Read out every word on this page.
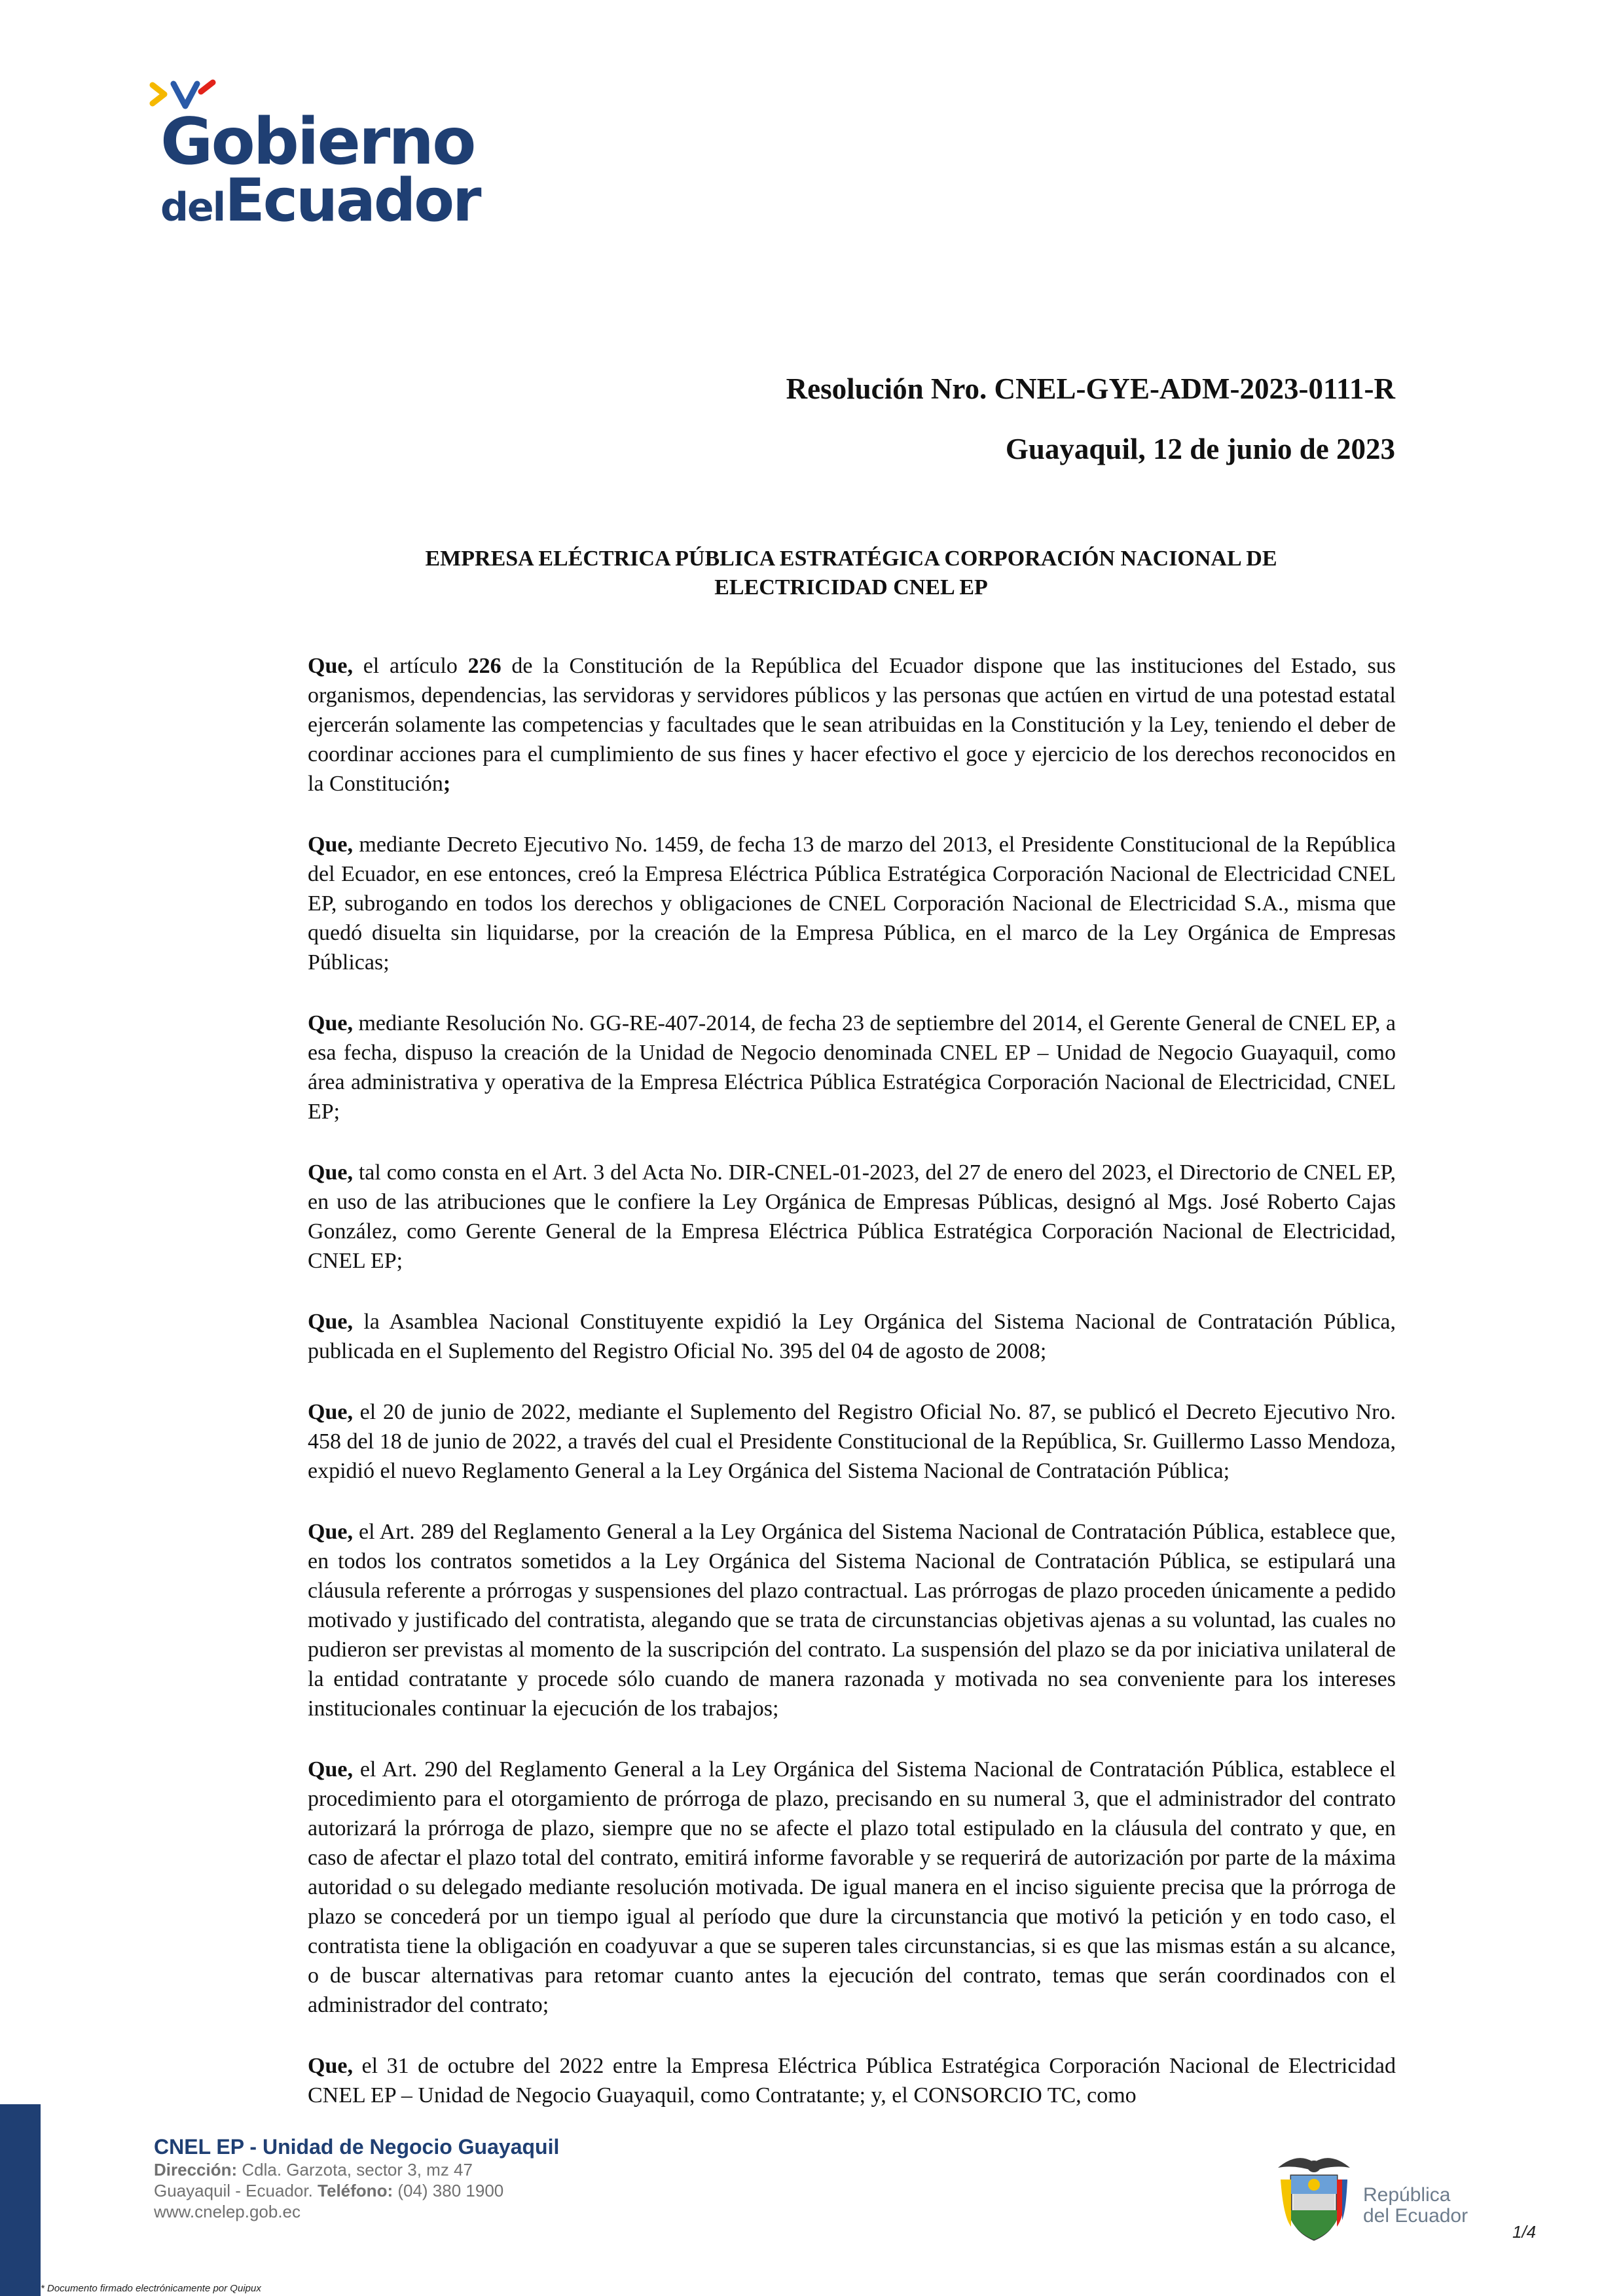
Gobierno
delEcuador
Resolución Nro. CNEL-GYE-ADM-2023-0111-R
Guayaquil, 12 de junio de 2023
EMPRESA ELÉCTRICA PÚBLICA ESTRATÉGICA CORPORACIÓN NACIONAL DE
ELECTRICIDAD CNEL EP

Que, el artículo 226 de la Constitución de la República del Ecuador dispone que las instituciones del Estado, sus organismos, dependencias, las servidoras y servidores públicos y las personas que actúen en virtud de una potestad estatal ejercerán solamente las competencias y facultades que le sean atribuidas en la Constitución y la Ley, teniendo el deber de coordinar acciones para el cumplimiento de sus fines y hacer efectivo el goce y ejercicio de los derechos reconocidos en la Constitución;

Que, mediante Decreto Ejecutivo No. 1459, de fecha 13 de marzo del 2013, el Presidente Constitucional de la República del Ecuador, en ese entonces, creó la Empresa Eléctrica Pública Estratégica Corporación Nacional de Electricidad CNEL EP, subrogando en todos los derechos y obligaciones de CNEL Corporación Nacional de Electricidad S.A., misma que quedó disuelta sin liquidarse, por la creación de la Empresa Pública, en el marco de la Ley Orgánica de Empresas Públicas;

Que, mediante Resolución No. GG-RE-407-2014, de fecha 23 de septiembre del 2014, el Gerente General de CNEL EP, a esa fecha, dispuso la creación de la Unidad de Negocio denominada CNEL EP – Unidad de Negocio Guayaquil, como área administrativa y operativa de la Empresa Eléctrica Pública Estratégica Corporación Nacional de Electricidad, CNEL EP;

Que, tal como consta en el Art. 3 del Acta No. DIR-CNEL-01-2023, del 27 de enero del 2023, el Directorio de CNEL EP, en uso de las atribuciones que le confiere la Ley Orgánica de Empresas Públicas, designó al Mgs. José Roberto Cajas González, como Gerente General de la Empresa Eléctrica Pública Estratégica Corporación Nacional de Electricidad, CNEL EP;

Que, la Asamblea Nacional Constituyente expidió la Ley Orgánica del Sistema Nacional de Contratación Pública, publicada en el Suplemento del Registro Oficial No. 395 del 04 de agosto de 2008;

Que, el 20 de junio de 2022, mediante el Suplemento del Registro Oficial No. 87, se publicó el Decreto Ejecutivo Nro. 458 del 18 de junio de 2022, a través del cual el Presidente Constitucional de la República, Sr. Guillermo Lasso Mendoza, expidió el nuevo Reglamento General a la Ley Orgánica del Sistema Nacional de Contratación Pública;

Que, el Art. 289 del Reglamento General a la Ley Orgánica del Sistema Nacional de Contratación Pública, establece que, en todos los contratos sometidos a la Ley Orgánica del Sistema Nacional de Contratación Pública, se estipulará una cláusula referente a prórrogas y suspensiones del plazo contractual. Las prórrogas de plazo proceden únicamente a pedido motivado y justificado del contratista, alegando que se trata de circunstancias objetivas ajenas a su voluntad, las cuales no pudieron ser previstas al momento de la suscripción del contrato. La suspensión del plazo se da por iniciativa unilateral de la entidad contratante y procede sólo cuando de manera razonada y motivada no sea conveniente para los intereses institucionales continuar la ejecución de los trabajos;

Que, el Art. 290 del Reglamento General a la Ley Orgánica del Sistema Nacional de Contratación Pública, establece el procedimiento para el otorgamiento de prórroga de plazo, precisando en su numeral 3, que el administrador del contrato autorizará la prórroga de plazo, siempre que no se afecte el plazo total estipulado en la cláusula del contrato y que, en caso de afectar el plazo total del contrato, emitirá informe favorable y se requerirá de autorización por parte de la máxima autoridad o su delegado mediante resolución motivada. De igual manera en el inciso siguiente precisa que la prórroga de plazo se concederá por un tiempo igual al período que dure la circunstancia que motivó la petición y en todo caso, el contratista tiene la obligación en coadyuvar a que se superen tales circunstancias, si es que las mismas están a su alcance, o de buscar alternativas para retomar cuanto antes la ejecución del contrato, temas que serán coordinados con el administrador del contrato;

Que, el 31 de octubre del 2022 entre la Empresa Eléctrica Pública Estratégica Corporación Nacional de Electricidad CNEL EP – Unidad de Negocio Guayaquil, como Contratante; y, el CONSORCIO TC, como

CNEL EP - Unidad de Negocio Guayaquil
Dirección: Cdla. Garzota, sector 3, mz 47
Guayaquil - Ecuador. Teléfono: (04) 380 1900
www.cnelep.gob.ec
República
del Ecuador
1/4
* Documento firmado electrónicamente por Quipux
